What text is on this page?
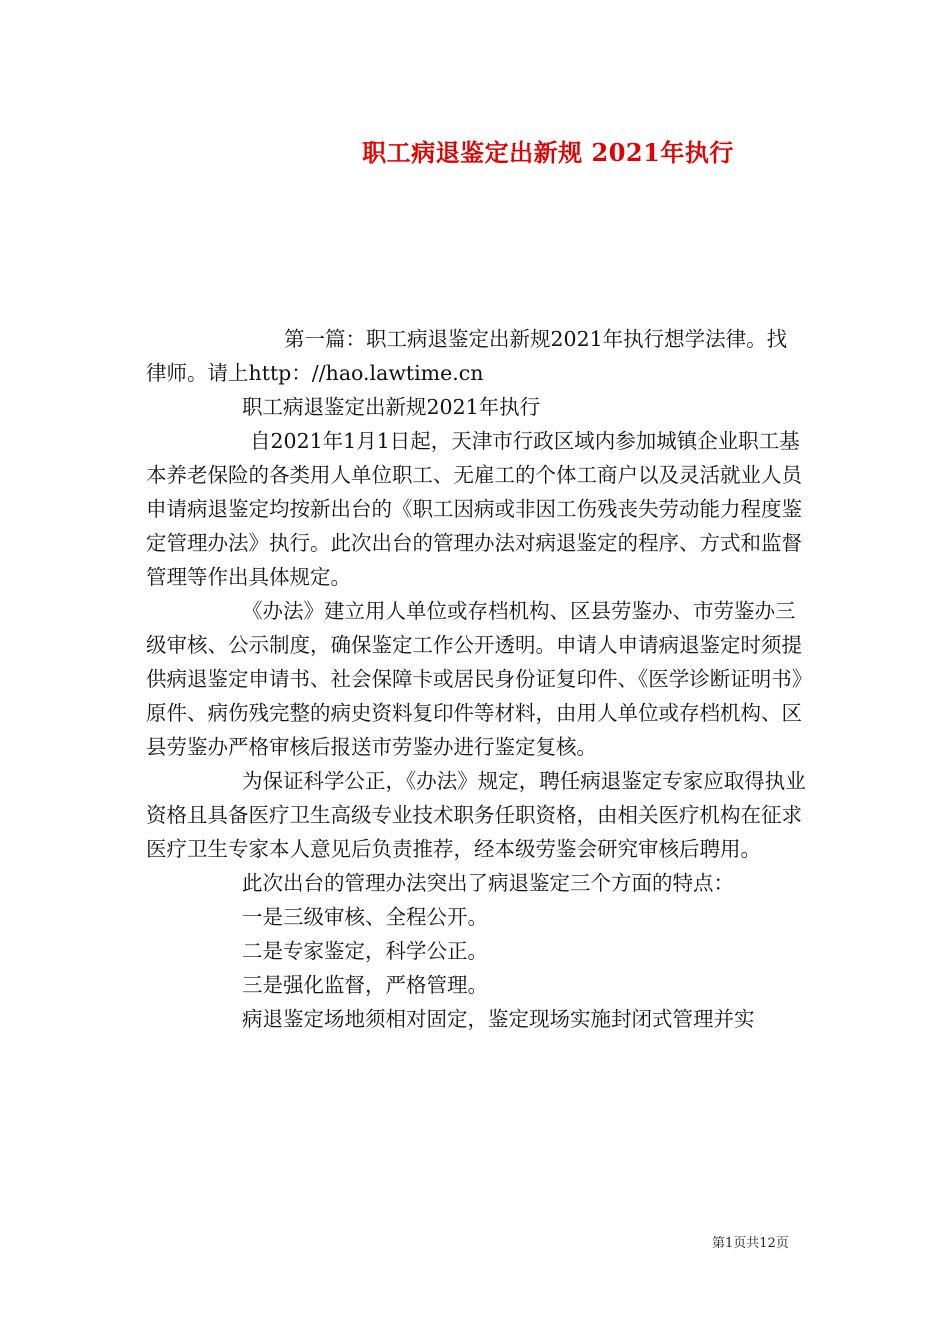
职工病退鉴定出新规 2021年执行

第一篇：职工病退鉴定出新规2021年执行想学法律。找律师。请上http：//hao.lawtime.cn

职工病退鉴定出新规2021年执行

自2021年1月1日起，天津市行政区域内参加城镇企业职工基本养老保险的各类用人单位职工、无雇工的个体工商户以及灵活就业人员申请病退鉴定均按新出台的《职工因病或非因工伤残丧失劳动能力程度鉴定管理办法》执行。此次出台的管理办法对病退鉴定的程序、方式和监督管理等作出具体规定。

《办法》建立用人单位或存档机构、区县劳鉴办、市劳鉴办三级审核、公示制度，确保鉴定工作公开透明。申请人申请病退鉴定时须提供病退鉴定申请书、社会保障卡或居民身份证复印件、《医学诊断证明书》原件、病伤残完整的病史资料复印件等材料，由用人单位或存档机构、区县劳鉴办严格审核后报送市劳鉴办进行鉴定复核。

为保证科学公正，《办法》规定，聘任病退鉴定专家应取得执业资格且具备医疗卫生高级专业技术职务任职资格，由相关医疗机构在征求医疗卫生专家本人意见后负责推荐，经本级劳鉴会研究审核后聘用。

此次出台的管理办法突出了病退鉴定三个方面的特点：

一是三级审核、全程公开。

二是专家鉴定，科学公正。

三是强化监督，严格管理。

病退鉴定场地须相对固定，鉴定现场实施封闭式管理并实

第1页共12页
